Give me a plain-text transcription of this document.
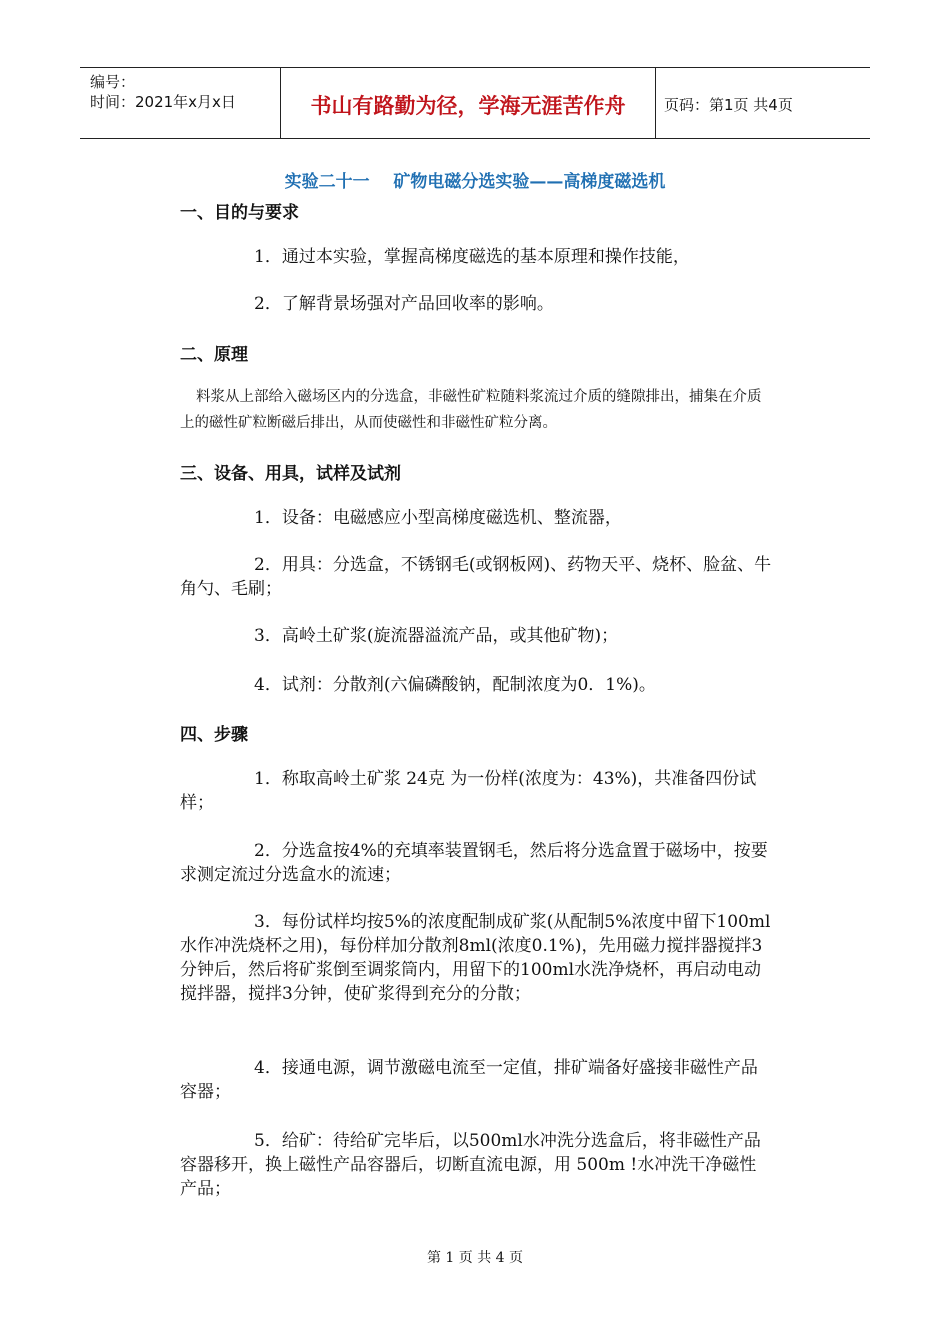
编号：
时间：2021年x月x日	书山有路勤为径，学海无涯苦作舟	页码：第1页 共4页
实验二十一    矿物电磁分选实验——高梯度磁选机
一、目的与要求
1．通过本实验，掌握高梯度磁选的基本原理和操作技能，
2．了解背景场强对产品回收率的影响。
二、原理
料浆从上部给入磁场区内的分选盒，非磁性矿粒随料浆流过介质的缝隙排出，捕集在介质上的磁性矿粒断磁后排出，从而使磁性和非磁性矿粒分离。
三、设备、用具，试样及试剂
1．设备：电磁感应小型高梯度磁选机、整流器，
2．用具：分选盒，不锈钢毛(或钢板网)、药物天平、烧杯、脸盆、牛角勺、毛刷；
3．高岭土矿浆(旋流器溢流产品，或其他矿物)；
4．试剂：分散剂(六偏磷酸钠，配制浓度为0．1%)。
四、步骤
1．称取高岭土矿浆 24克 为一份样(浓度为：43%)，共准备四份试样；
2．分选盒按4%的充填率装置钢毛，然后将分选盒置于磁场中，按要求测定流过分选盒水的流速；
3．每份试样均按5%的浓度配制成矿浆(从配制5%浓度中留下100ml水作冲洗烧杯之用)，每份样加分散剂8ml(浓度0.1%)，先用磁力搅拌器搅拌3分钟后，然后将矿浆倒至调浆筒内，用留下的100ml水洗净烧杯，再启动电动搅拌器，搅拌3分钟，使矿浆得到充分的分散；
4．接通电源，调节激磁电流至一定值，排矿端备好盛接非磁性产品容器；
5．给矿：待给矿完毕后，以500ml水冲洗分选盒后，将非磁性产品容器移开，换上磁性产品容器后，切断直流电源，用 500m !水冲洗干净磁性产品；
第 1 页 共 4 页
